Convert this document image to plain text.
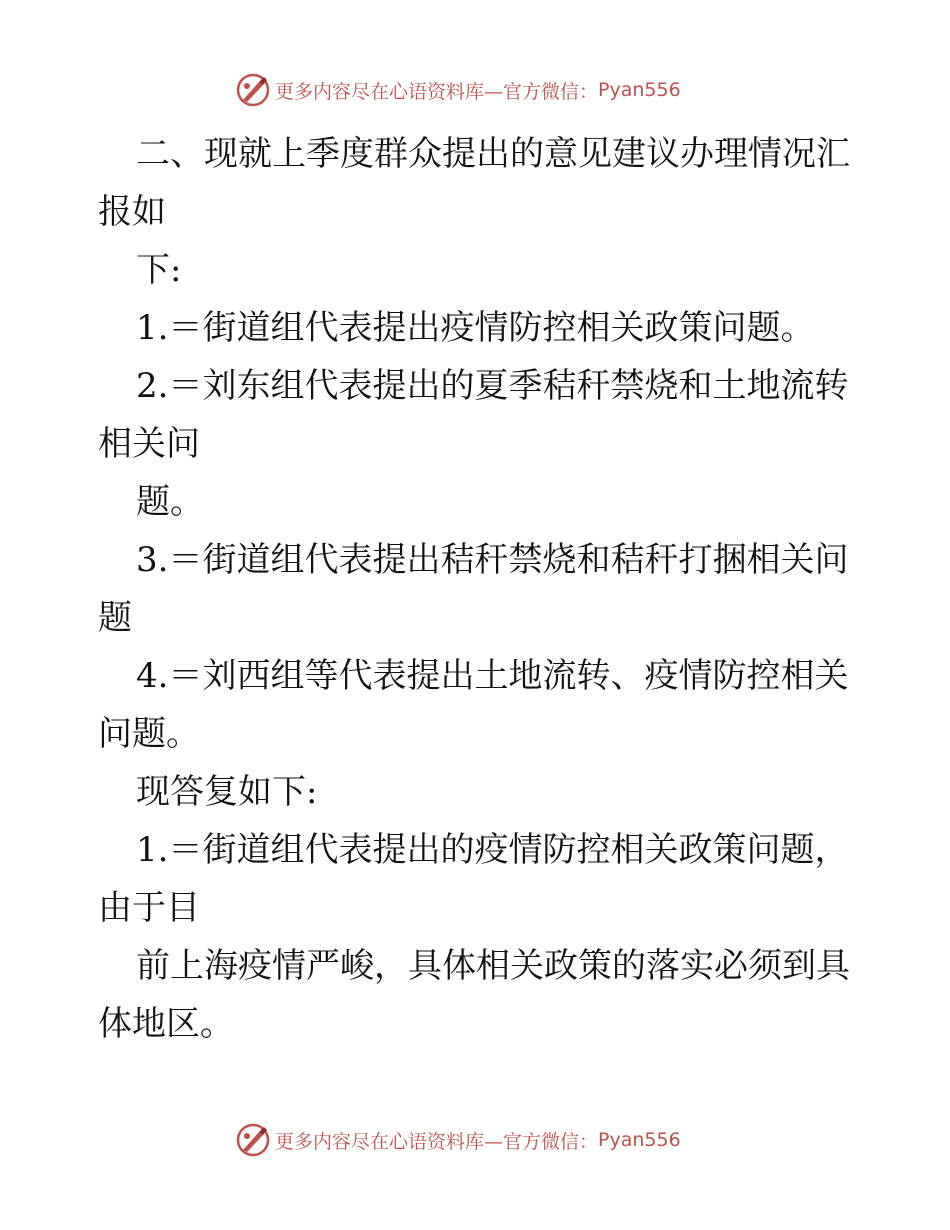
更多内容尽在心语资料库—官方微信： Pyan556
二、现就上季度群众提出的意见建议办理情况汇
报如
下:
1.＝街道组代表提出疫情防控相关政策问题。
2.＝刘东组代表提出的夏季秸秆禁烧和土地流转
相关问
题。
3.＝街道组代表提出秸秆禁烧和秸秆打捆相关问
题
4.＝刘西组等代表提出土地流转、疫情防控相关
问题。
现答复如下:
1.＝街道组代表提出的疫情防控相关政策问题，
由于目
前上海疫情严峻，具体相关政策的落实必须到具
体地区。
更多内容尽在心语资料库—官方微信： Pyan556
